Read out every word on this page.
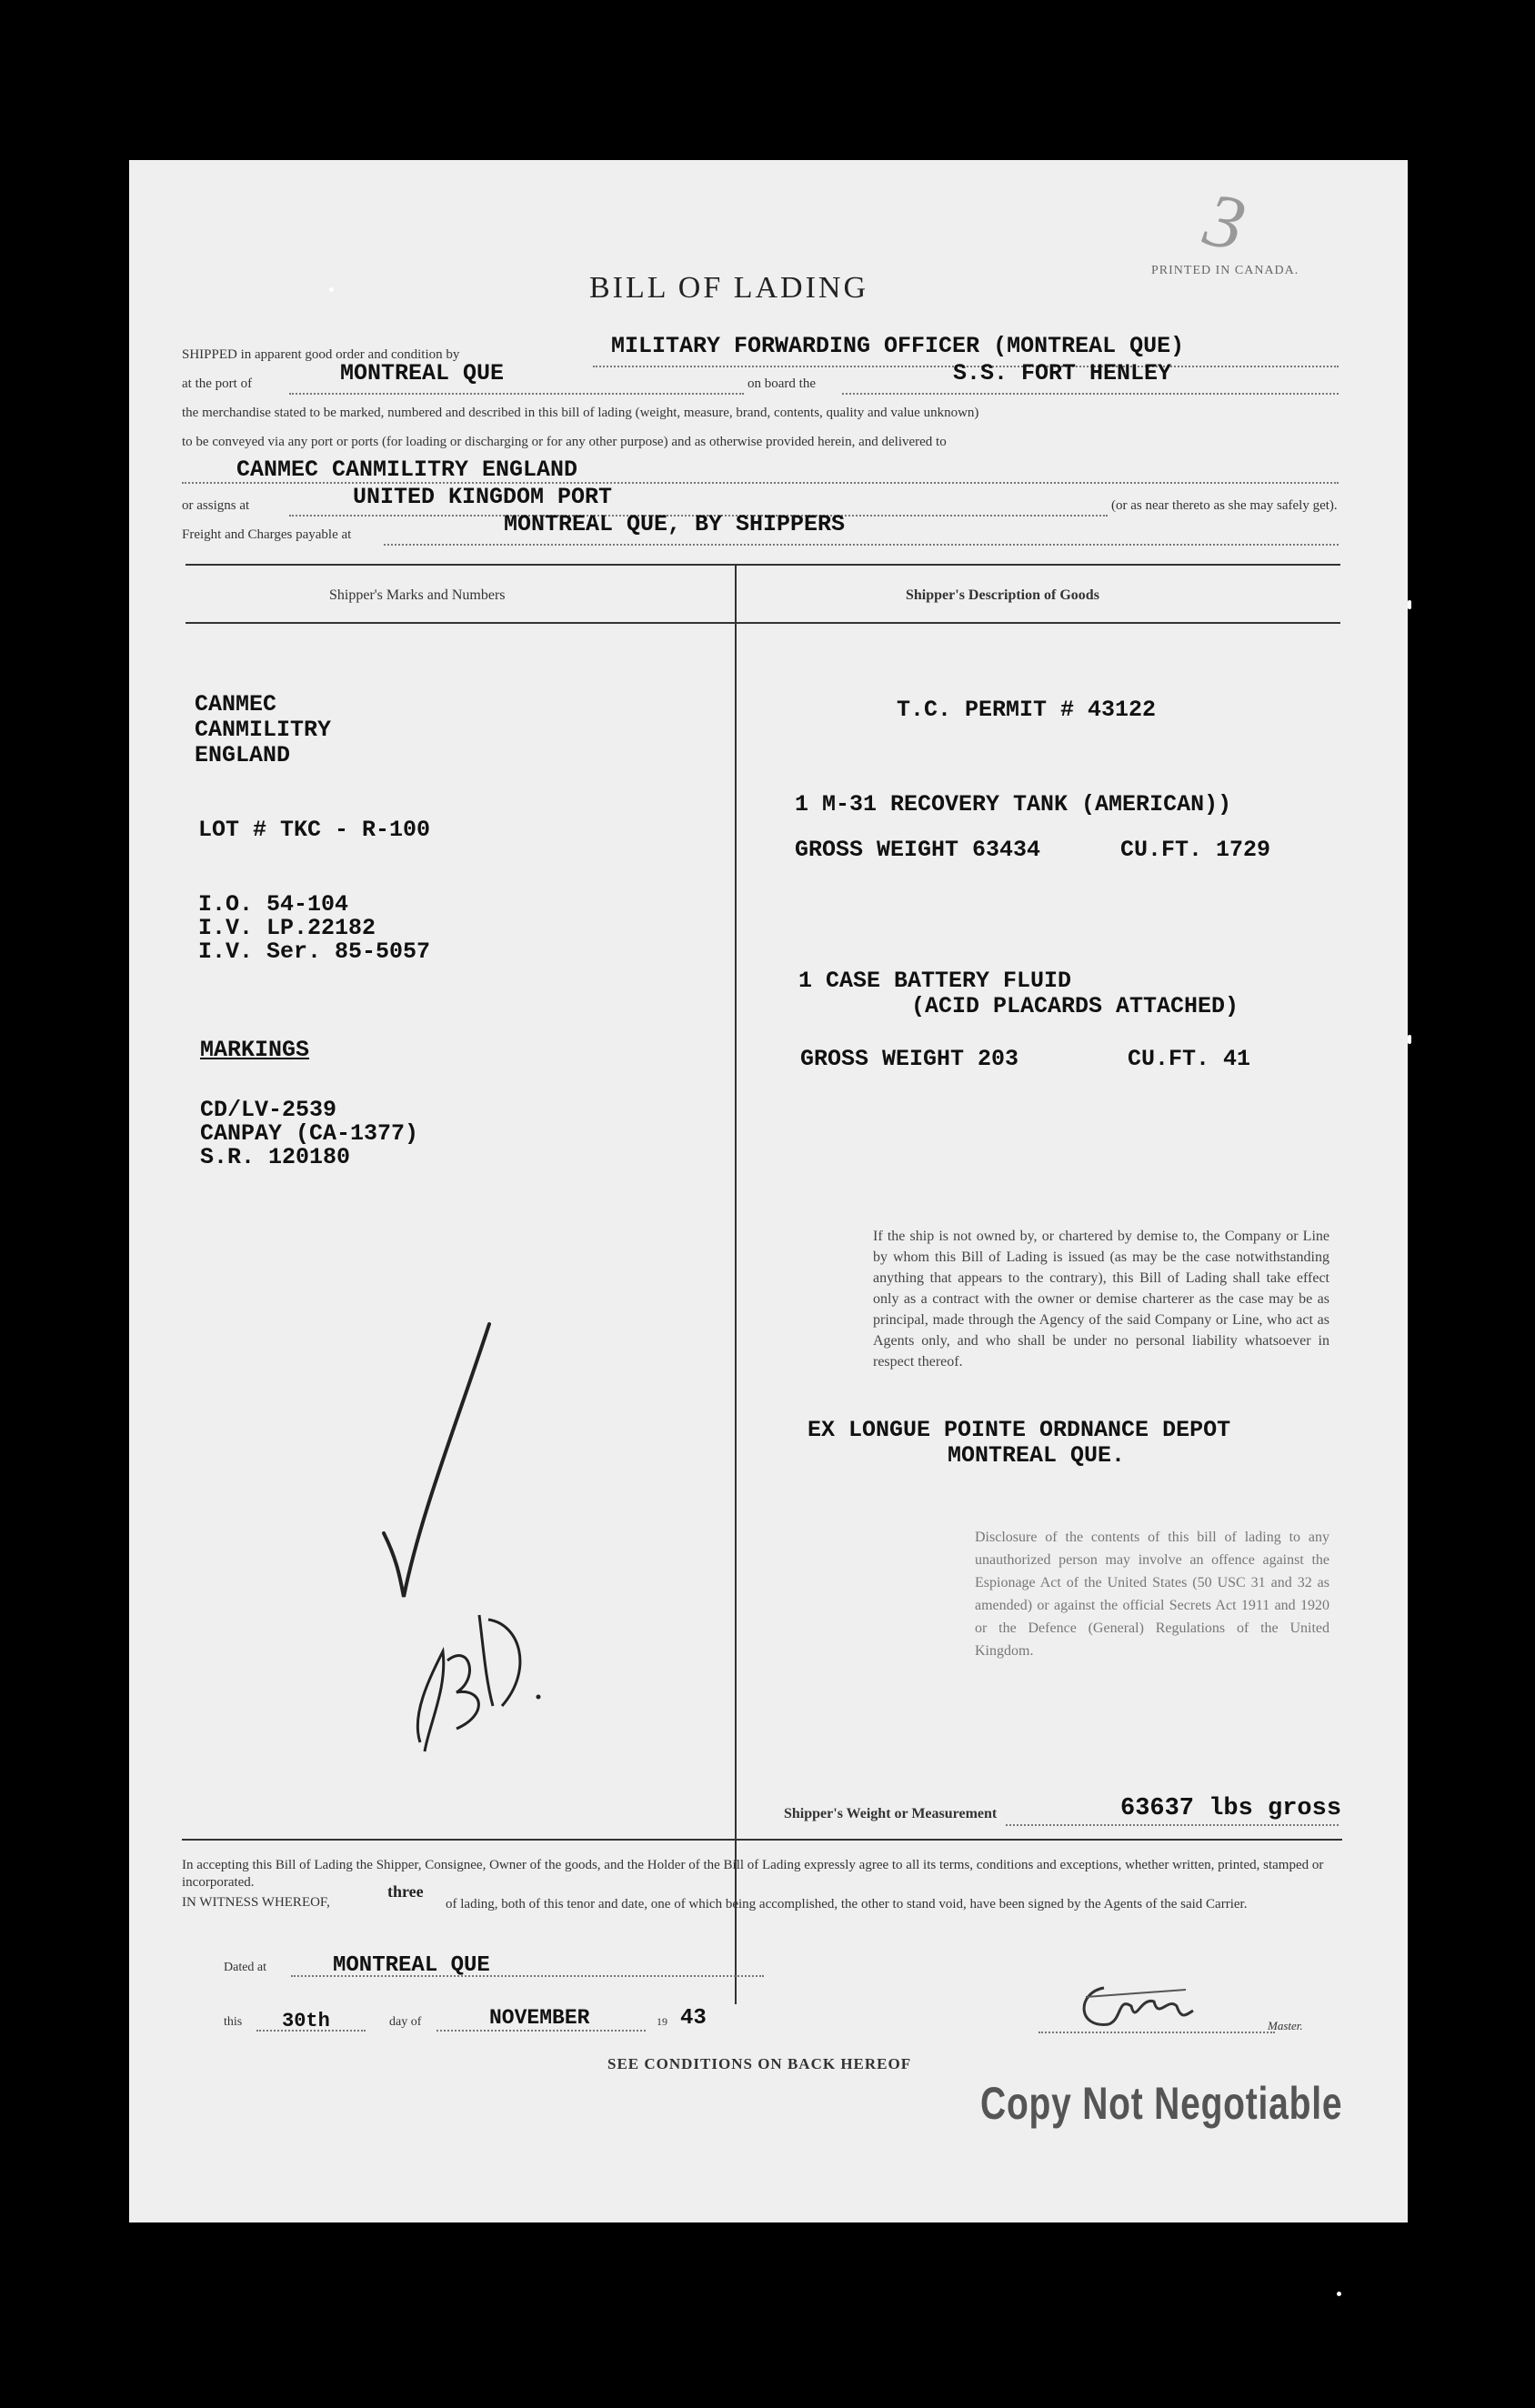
3
BILL OF LADING
PRINTED IN CANADA.
SHIPPED in apparent good order and condition by	MILITARY FORWARDING OFFICER (MONTREAL QUE)
at the port of	MONTREAL QUE	on board the	S.S. FORT HENLEY
the merchandise stated to be marked, numbered and described in this bill of lading (weight, measure, brand, contents, quality and value unknown)
to be conveyed via any port or ports (for loading or discharging or for any other purpose) and as otherwise provided herein, and delivered to
CANMEC CANMILITRY ENGLAND
or assigns at	UNITED KINGDOM PORT	(or as near thereto as she may safely get).
Freight and Charges payable at	MONTREAL QUE, BY SHIPPERS
Shipper's Marks and Numbers	Shipper's Description of Goods
CANMEC
CANMILITRY
ENGLAND
LOT # TKC - R-100
I.O. 54-104
I.V. LP.22182
I.V. Ser. 85-5057
MARKINGS
CD/LV-2539
CANPAY (CA-1377)
S.R. 120180
T.C. PERMIT # 43122
1 M-31 RECOVERY TANK (AMERICAN))
GROSS WEIGHT 63434	CU.FT. 1729
1 CASE BATTERY FLUID
(ACID PLACARDS ATTACHED)
GROSS WEIGHT 203	CU.FT. 41
If the ship is not owned by, or chartered by demise to, the Company or Line by whom this Bill of Lading is issued (as may be the case notwithstanding anything that appears to the contrary), this Bill of Lading shall take effect only as a contract with the owner or demise charterer as the case may be as principal, made through the Agency of the said Company or Line, who act as Agents only, and who shall be under no personal liability whatsoever in respect thereof.
EX LONGUE POINTE ORDNANCE DEPOT
MONTREAL QUE.
Disclosure of the contents of this bill of lading to any unauthorized person may involve an offence against the Espionage Act of the United States (50 USC 31 and 32 as amended) or against the official Secrets Act 1911 and 1920 or the Defence (General) Regulations of the United Kingdom.
Shipper's Weight or Measurement	63637 lbs gross
In accepting this Bill of Lading the Shipper, Consignee, Owner of the goods, and the Holder of the Bill of Lading expressly agree to all its terms, conditions and exceptions, whether written, printed, stamped or incorporated.
IN WITNESS WHEREOF,
three
of lading, both of this tenor and date, one of which being accomplished, the other to stand void, have been signed by the Agents of the said Carrier.
Dated at	MONTREAL QUE
this 30th	day of	NOVEMBER	19 43	Master.
SEE CONDITIONS ON BACK HEREOF
Copy Not Negotiable
